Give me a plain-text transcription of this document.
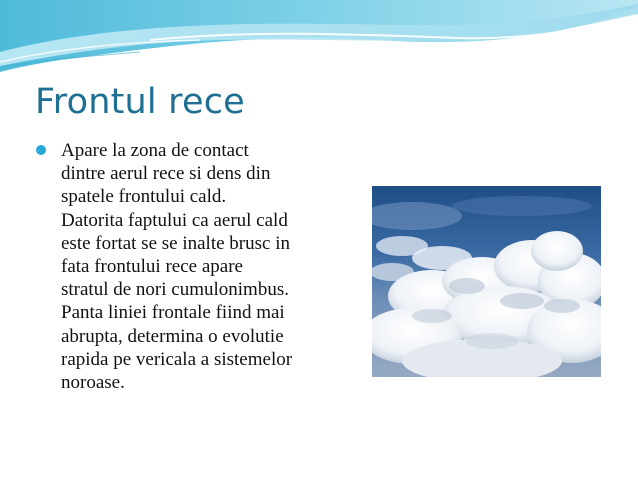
Frontul rece

Apare la zona de contact
dintre aerul rece si dens din
spatele frontului cald.
Datorita faptului ca aerul cald
este fortat se se inalte brusc in
fata frontului rece apare
stratul de nori cumulonimbus.
Panta liniei frontale fiind mai
abrupta, determina o evolutie
rapida pe vericala a sistemelor
noroase.
